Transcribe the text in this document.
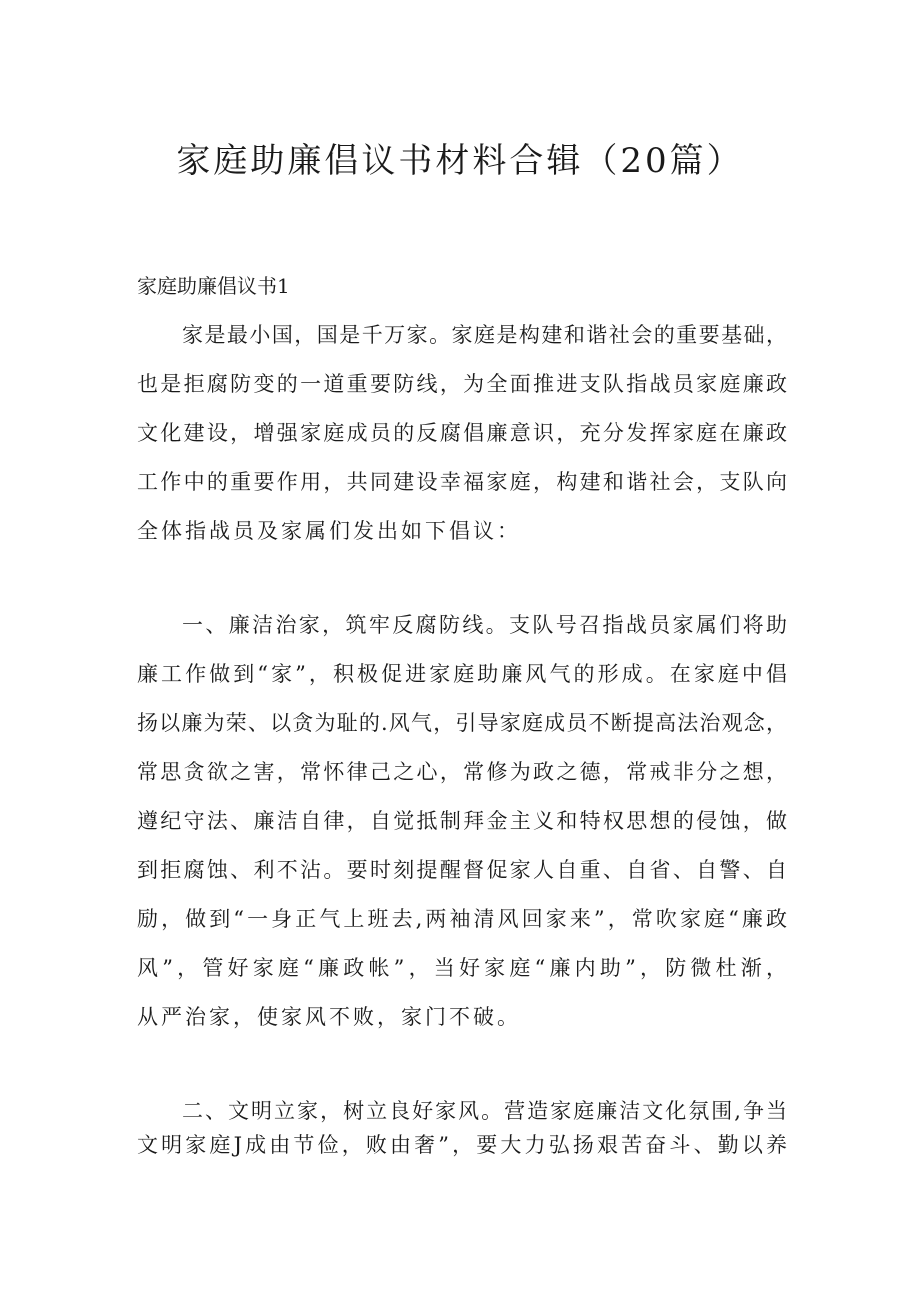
家庭助廉倡议书材料合辑（20篇）
家庭助廉倡议书1
家是最小国，国是千万家。家庭是构建和谐社会的重要基础，
也是拒腐防变的一道重要防线，为全面推进支队指战员家庭廉政
文化建设，增强家庭成员的反腐倡廉意识，充分发挥家庭在廉政
工作中的重要作用，共同建设幸福家庭，构建和谐社会，支队向
全体指战员及家属们发出如下倡议：
一、廉洁治家，筑牢反腐防线。支队号召指战员家属们将助
廉工作做到“家”，积极促进家庭助廉风气的形成。在家庭中倡
扬以廉为荣、以贪为耻的.风气，引导家庭成员不断提高法治观念，
常思贪欲之害，常怀律己之心，常修为政之德，常戒非分之想，
遵纪守法、廉洁自律，自觉抵制拜金主义和特权思想的侵蚀，做
到拒腐蚀、利不沾。要时刻提醒督促家人自重、自省、自警、自
励，做到“一身正气上班去,两袖清风回家来”，常吹家庭“廉政
风”，管好家庭“廉政帐”，当好家庭“廉内助”，防微杜渐，
从严治家，使家风不败，家门不破。
二、文明立家，树立良好家风。营造家庭廉洁文化氛围,争当
文明家庭J成由节俭，败由奢”，要大力弘扬艰苦奋斗、勤以养
